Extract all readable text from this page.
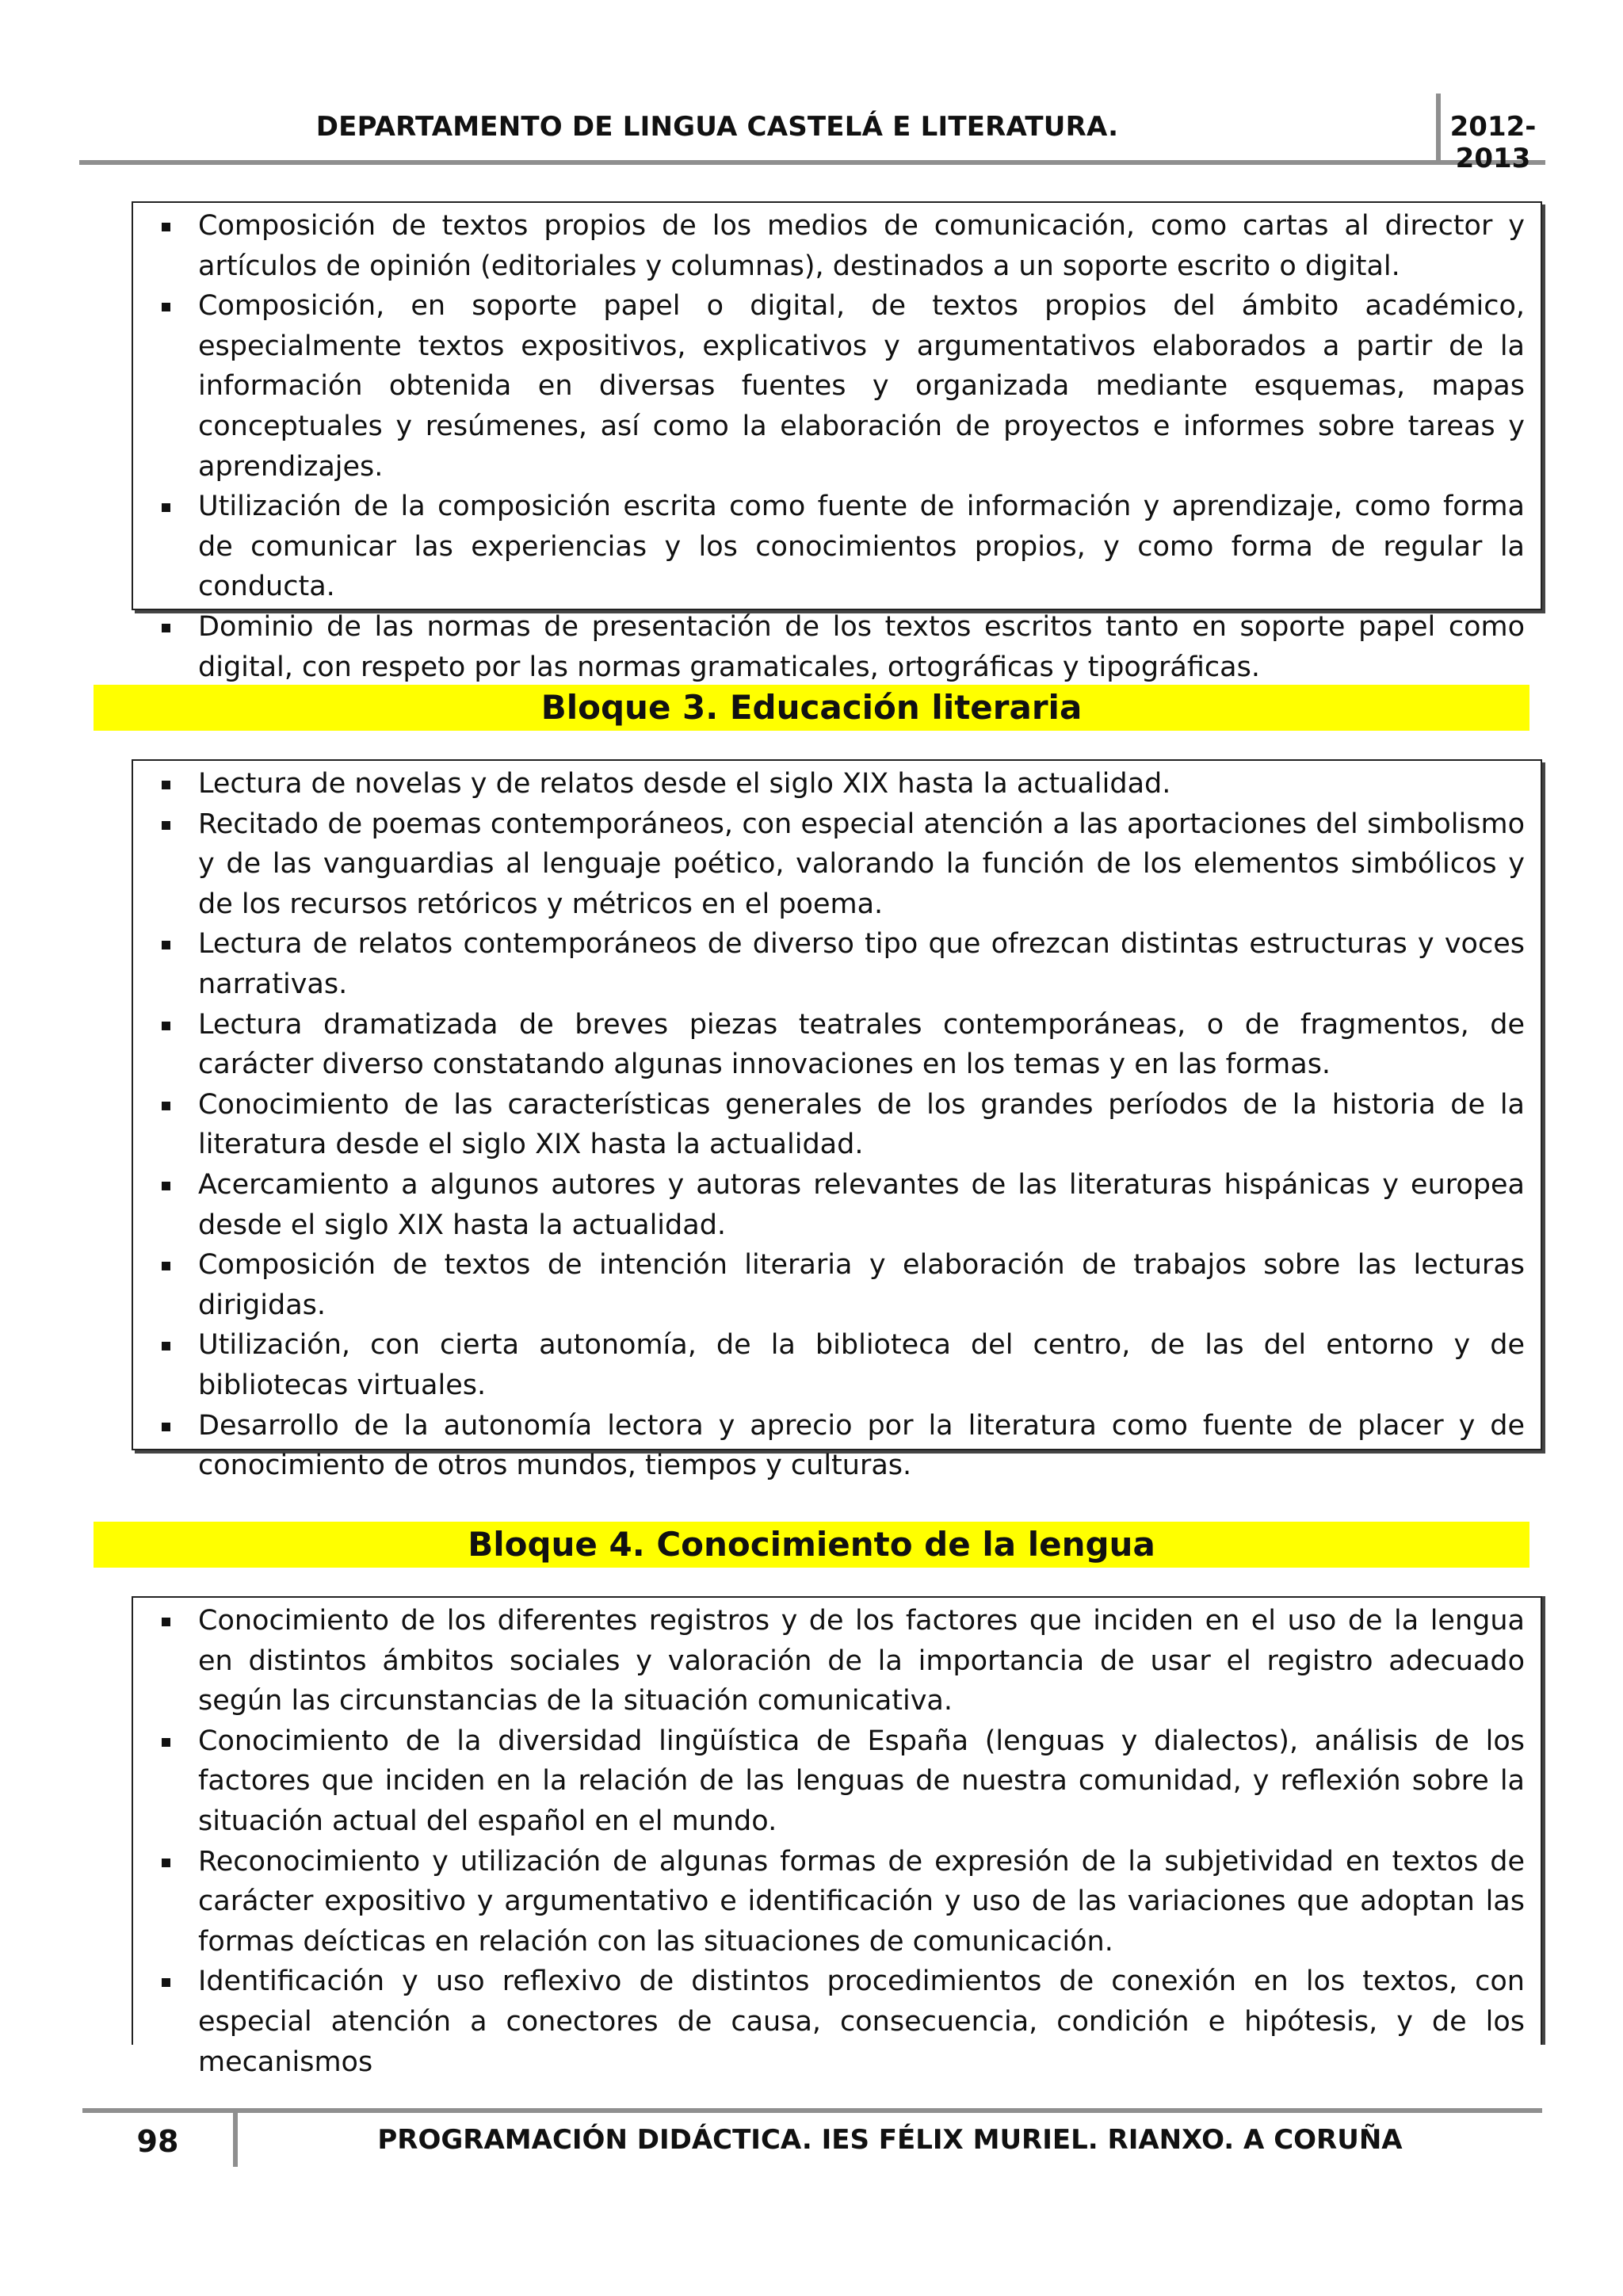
DEPARTAMENTO DE LINGUA CASTELÁ E LITERATURA.	2012-2013
Composición de textos propios de los medios de comunicación, como cartas al director y artículos de opinión (editoriales y columnas), destinados a un soporte escrito o digital.
Composición, en soporte papel o digital, de textos propios del ámbito académico, especialmente textos expositivos, explicativos y argumentativos elaborados a partir de la información obtenida en diversas fuentes y organizada mediante esquemas, mapas conceptuales y resúmenes, así como la elaboración de proyectos e informes sobre tareas y aprendizajes.
Utilización de la composición escrita como fuente de información y aprendizaje, como forma de comunicar las experiencias y los conocimientos propios, y como forma de regular la conducta.
Dominio de las normas de presentación de los textos escritos tanto en soporte papel como digital, con respeto por las normas gramaticales, ortográficas y tipográficas.
Bloque 3. Educación literaria
Lectura de novelas y de relatos desde el siglo XIX hasta la actualidad.
Recitado de poemas contemporáneos, con especial atención a las aportaciones del simbolismo y de las vanguardias al lenguaje poético, valorando la función de los elementos simbólicos y de los recursos retóricos y métricos en el poema.
Lectura de relatos contemporáneos de diverso tipo que ofrezcan distintas estructuras y voces narrativas.
Lectura dramatizada de breves piezas teatrales contemporáneas, o de fragmentos, de carácter diverso constatando algunas innovaciones en los temas y en las formas.
Conocimiento de las características generales de los grandes períodos de la historia de la literatura desde el siglo XIX hasta la actualidad.
Acercamiento a algunos autores y autoras relevantes de las literaturas hispánicas y europea desde el siglo XIX hasta la actualidad.
Composición de textos de intención literaria y elaboración de trabajos sobre las lecturas dirigidas.
Utilización, con cierta autonomía, de la biblioteca del centro, de las del entorno y de bibliotecas virtuales.
Desarrollo de la autonomía lectora y aprecio por la literatura como fuente de placer y de conocimiento de otros mundos, tiempos y culturas.
Bloque 4. Conocimiento de la lengua
Conocimiento de los diferentes registros y de los factores que inciden en el uso de la lengua en distintos ámbitos sociales y valoración de la importancia de usar el registro adecuado según las circunstancias de la situación comunicativa.
Conocimiento de la diversidad lingüística de España (lenguas y dialectos), análisis de los factores que inciden en la relación de las lenguas de nuestra comunidad, y reflexión sobre la situación actual del español en el mundo.
Reconocimiento y utilización de algunas formas de expresión de la subjetividad en textos de carácter expositivo y argumentativo e identificación y uso de las variaciones que adoptan las formas deícticas en relación con las situaciones de comunicación.
Identificación y uso reflexivo de distintos procedimientos de conexión en los textos, con especial atención a conectores de causa, consecuencia, condición e hipótesis, y de los mecanismos
98	PROGRAMACIÓN DIDÁCTICA. IES FÉLIX MURIEL. RIANXO. A CORUÑA
